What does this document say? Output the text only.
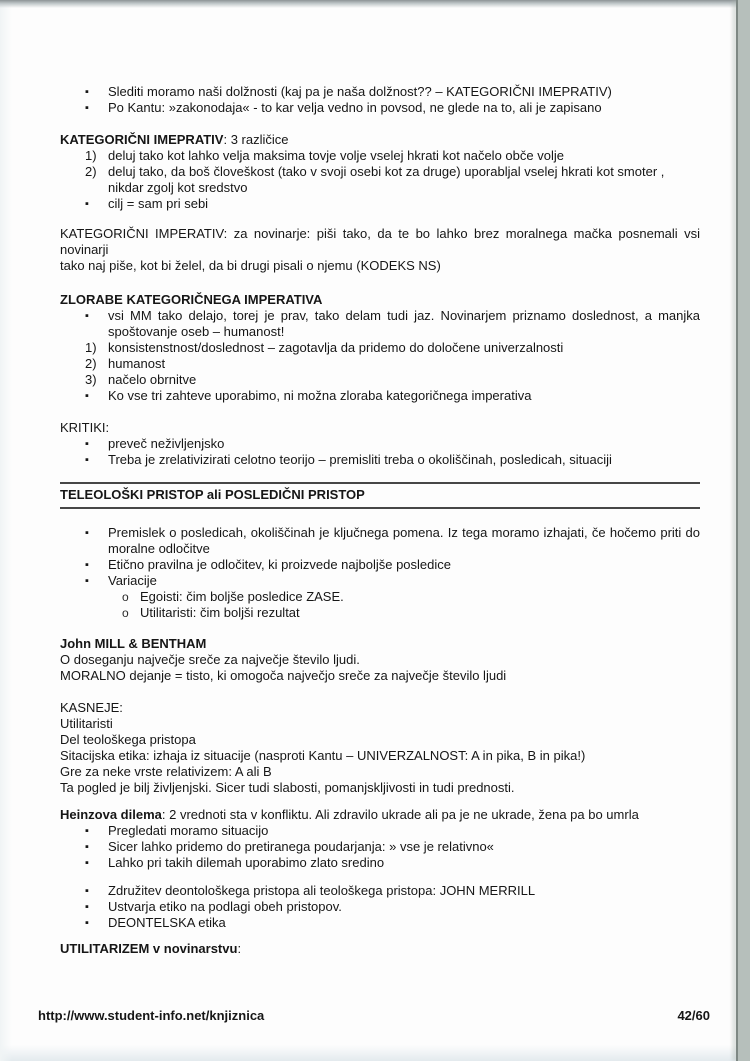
▪ Slediti moramo naši dolžnosti (kaj pa je naša dolžnost?? – KATEGORIČNI IMEPRATIV)
▪ Po Kantu: »zakonodaja« - to kar velja vedno in povsod, ne glede na to, ali je zapisano

KATEGORIČNI IMEPRATIV: 3 različice

1) deluj tako kot lahko velja maksima tovje volje vselej hkrati kot načelo obče volje
2) deluj tako, da boš človeškost (tako v svoji osebi kot za druge) uporabljal vselej hkrati kot smoter , nikdar zgolj kot sredstvo
▪ cilj = sam pri sebi

KATEGORIČNI IMPERATIV: za novinarje: piši tako, da te bo lahko brez moralnega mačka posnemali vsi novinarji

tako naj piše, kot bi želel, da bi drugi pisali o njemu (KODEKS NS)

ZLORABE KATEGORIČNEGA IMPERATIVA

▪ vsi MM tako delajo, torej je prav, tako delam tudi jaz. Novinarjem priznamo doslednost, a manjka spoštovanje oseb – humanost!
1) konsistenstnost/doslednost – zagotavlja da pridemo do določene univerzalnosti
2) humanost
3) načelo obrnitve
▪ Ko vse tri zahteve uporabimo, ni možna zloraba kategoričnega imperativa

KRITIKI:

▪ preveč neživljenjsko
▪ Treba je zrelativizirati celotno teorijo – premisliti treba o okoliščinah, posledicah, situaciji

TELEOLOŠKI PRISTOP ali POSLEDIČNI PRISTOP

▪ Premislek o posledicah, okoliščinah je ključnega pomena. Iz tega moramo izhajati, če hočemo priti do moralne odločitve
▪ Etično pravilna je odločitev, ki proizvede najboljše posledice
▪ Variacije
o Egoisti: čim boljše posledice ZASE.
o Utilitaristi: čim boljši rezultat

John MILL & BENTHAM

O doseganju največje sreče za največje število ljudi.

MORALNO dejanje = tisto, ki omogoča največjo sreče za največje število ljudi

KASNEJE:

Utilitaristi

Del teološkega pristopa

Sitacijska etika: izhaja iz situacije (nasproti Kantu – UNIVERZALNOST: A in pika, B in pika!)

Gre za neke vrste relativizem: A ali B

Ta pogled je bilj življenjski. Sicer tudi slabosti, pomanjskljivosti in tudi prednosti.

Heinzova dilema: 2 vrednoti sta v konfliktu. Ali zdravilo ukrade ali pa je ne ukrade, žena pa bo umrla

▪ Pregledati moramo situacijo
▪ Sicer lahko pridemo do pretiranega poudarjanja: » vse je relativno«
▪ Lahko pri takih dilemah uporabimo zlato sredino
▪ Združitev deontološkega pristopa ali teološkega pristopa: JOHN MERRILL
▪ Ustvarja etiko na podlagi obeh pristopov.
▪ DEONTELSKA etika

UTILITARIZEM v novinarstvu:

http://www.student-info.net/knjiznica	42/60
